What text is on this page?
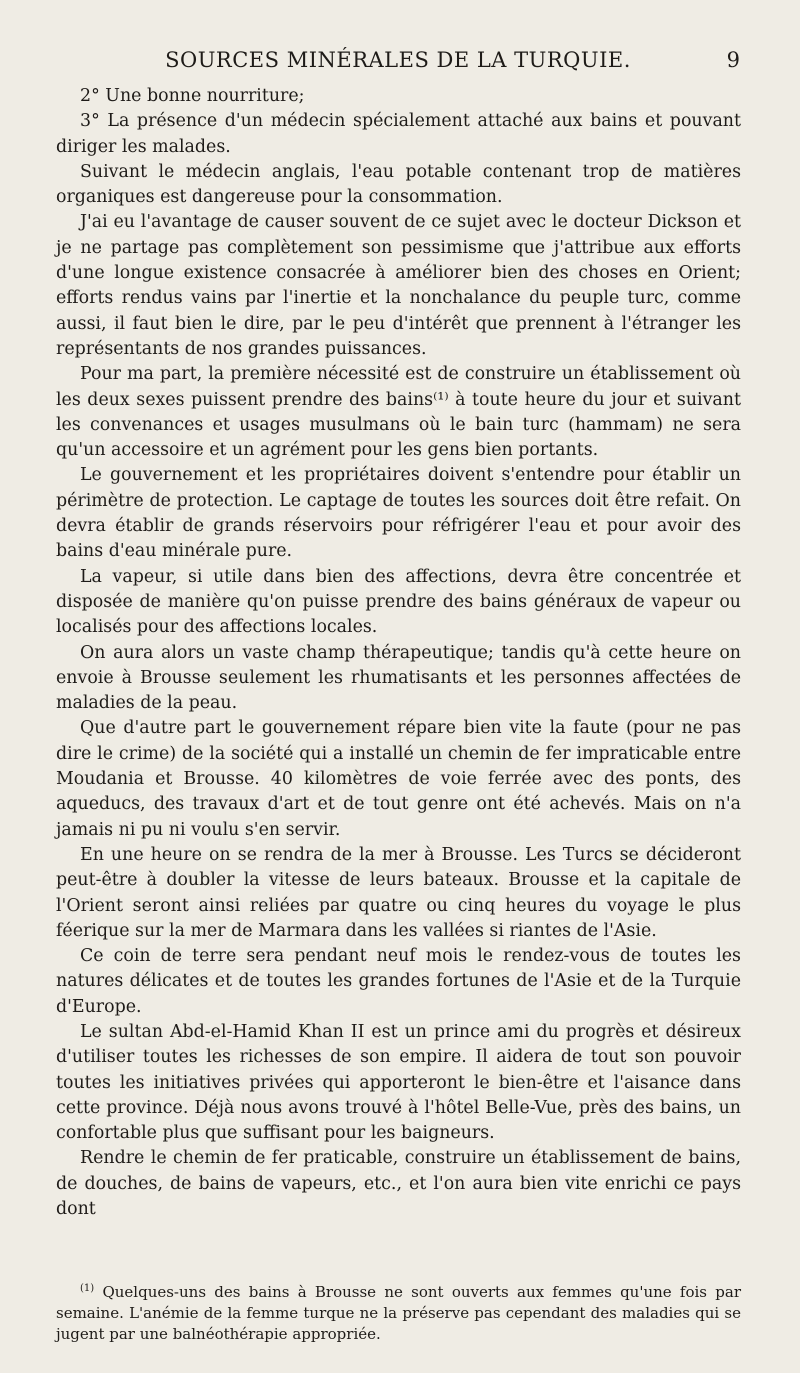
SOURCES MINÉRALES DE LA TURQUIE.	9

2° Une bonne nourriture;

3° La présence d'un médecin spécialement attaché aux bains et pouvant diriger les malades.

Suivant le médecin anglais, l'eau potable contenant trop de matières organiques est dangereuse pour la consommation.

J'ai eu l'avantage de causer souvent de ce sujet avec le docteur Dickson et je ne partage pas complètement son pessimisme que j'attribue aux efforts d'une longue existence consacrée à améliorer bien des choses en Orient; efforts rendus vains par l'inertie et la nonchalance du peuple turc, comme aussi, il faut bien le dire, par le peu d'intérêt que prennent à l'étranger les représentants de nos grandes puissances.

Pour ma part, la première nécessité est de construire un établissement où les deux sexes puissent prendre des bains⁽¹⁾ à toute heure du jour et suivant les convenances et usages musulmans où le bain turc (hammam) ne sera qu'un accessoire et un agrément pour les gens bien portants.

Le gouvernement et les propriétaires doivent s'entendre pour établir un périmètre de protection. Le captage de toutes les sources doit être refait. On devra établir de grands réservoirs pour réfrigérer l'eau et pour avoir des bains d'eau minérale pure.

La vapeur, si utile dans bien des affections, devra être concentrée et disposée de manière qu'on puisse prendre des bains généraux de vapeur ou localisés pour des affections locales.

On aura alors un vaste champ thérapeutique; tandis qu'à cette heure on envoie à Brousse seulement les rhumatisants et les personnes affectées de maladies de la peau.

Que d'autre part le gouvernement répare bien vite la faute (pour ne pas dire le crime) de la société qui a installé un chemin de fer impraticable entre Moudania et Brousse. 40 kilomètres de voie ferrée avec des ponts, des aqueducs, des travaux d'art et de tout genre ont été achevés. Mais on n'a jamais ni pu ni voulu s'en servir.

En une heure on se rendra de la mer à Brousse. Les Turcs se décideront peut-être à doubler la vitesse de leurs bateaux. Brousse et la capitale de l'Orient seront ainsi reliées par quatre ou cinq heures du voyage le plus féerique sur la mer de Marmara dans les vallées si riantes de l'Asie.

Ce coin de terre sera pendant neuf mois le rendez-vous de toutes les natures délicates et de toutes les grandes fortunes de l'Asie et de la Turquie d'Europe.

Le sultan Abd-el-Hamid Khan II est un prince ami du progrès et désireux d'utiliser toutes les richesses de son empire. Il aidera de tout son pouvoir toutes les initiatives privées qui apporteront le bien-être et l'aisance dans cette province. Déjà nous avons trouvé à l'hôtel Belle-Vue, près des bains, un confortable plus que suffisant pour les baigneurs.

Rendre le chemin de fer praticable, construire un établissement de bains, de douches, de bains de vapeurs, etc., et l'on aura bien vite enrichi ce pays dont

$^{(1)}$ Quelques-uns des bains à Brousse ne sont ouverts aux femmes qu'une fois par semaine. L'anémie de la femme turque ne la préserve pas cependant des maladies qui se jugent par une balnéothérapie appropriée.
